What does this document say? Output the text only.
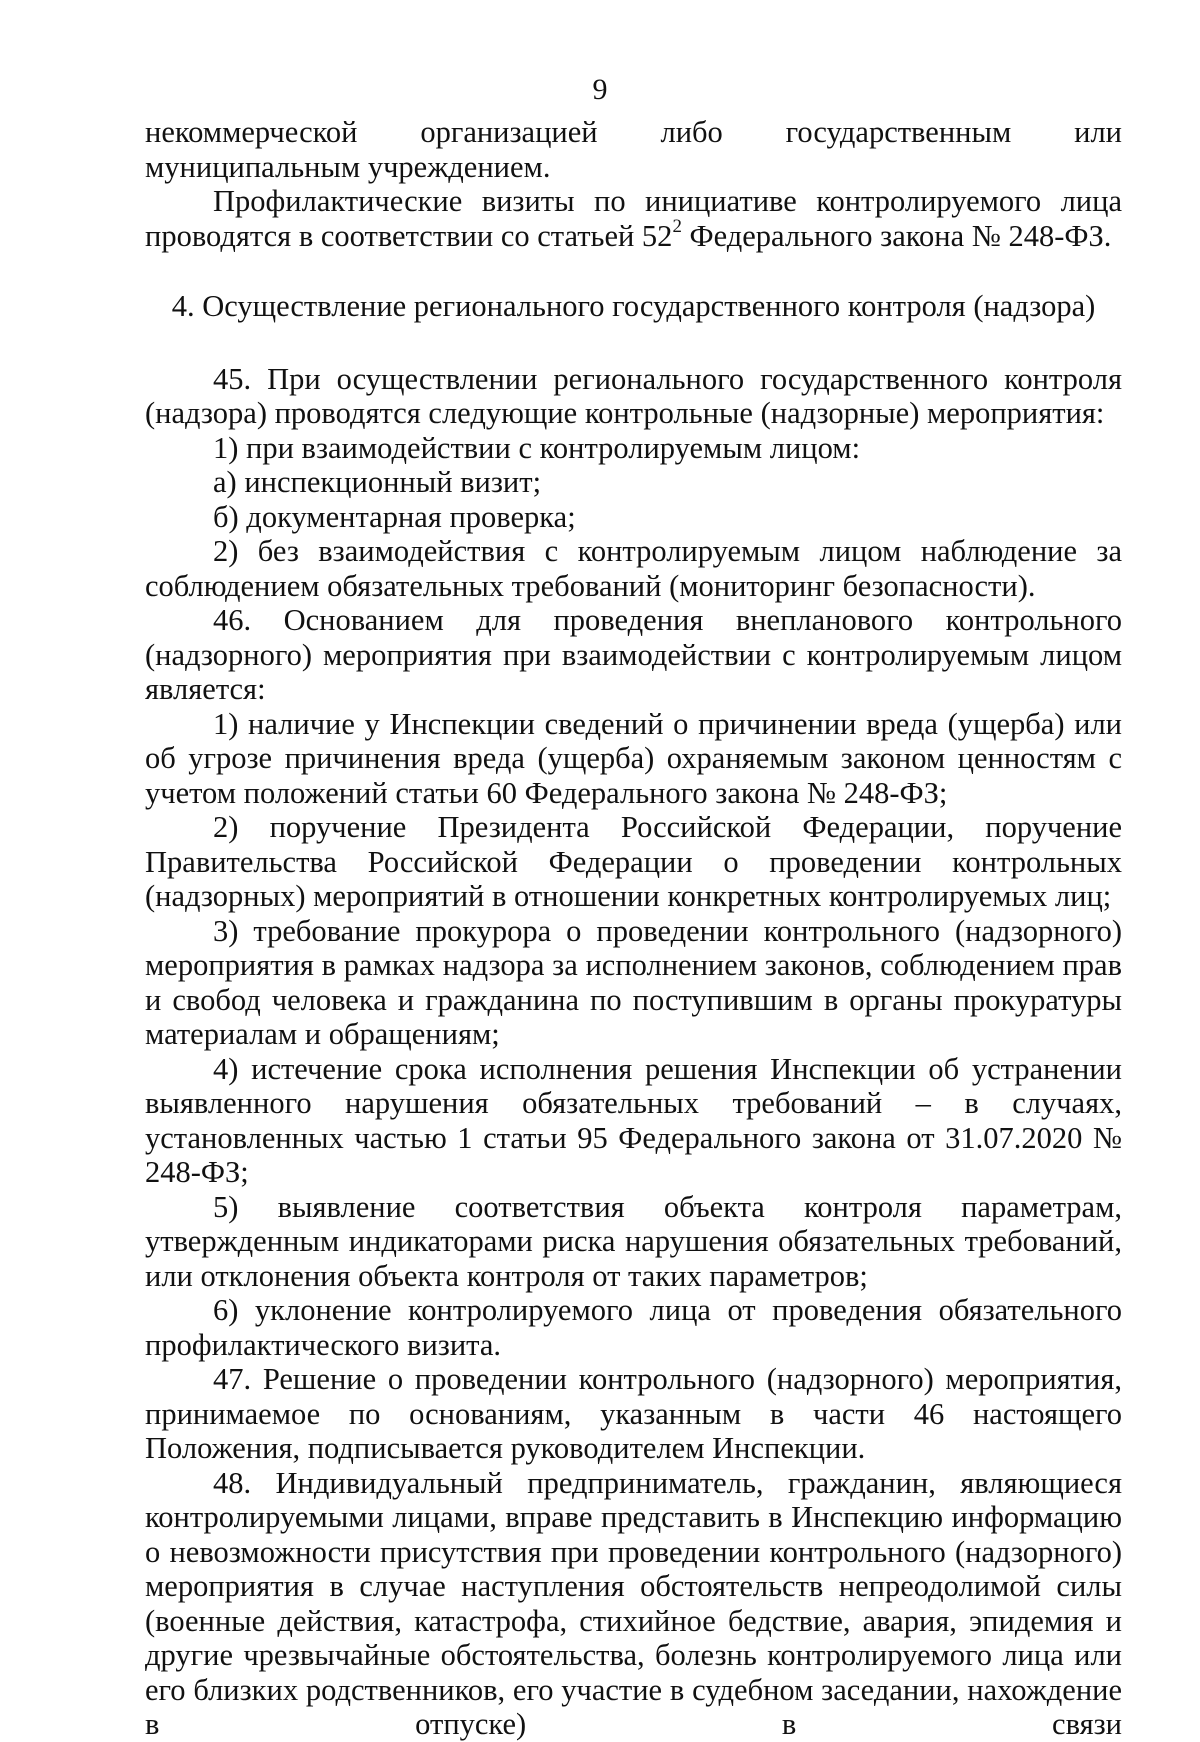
9

некоммерческой организацией либо государственным или муниципальным учреждением.

Профилактические визиты по инициативе контролируемого лица проводятся в соответствии со статьей $52^2$ Федерального закона № 248-ФЗ.

4. Осуществление регионального государственного контроля (надзора)

45. При осуществлении регионального государственного контроля (надзора) проводятся следующие контрольные (надзорные) мероприятия:

1) при взаимодействии с контролируемым лицом:

а) инспекционный визит;

б) документарная проверка;

2) без взаимодействия с контролируемым лицом наблюдение за соблюдением обязательных требований (мониторинг безопасности).

46. Основанием для проведения внепланового контрольного (надзорного) мероприятия при взаимодействии с контролируемым лицом является:

1) наличие у Инспекции сведений о причинении вреда (ущерба) или об угрозе причинения вреда (ущерба) охраняемым законом ценностям с учетом положений статьи 60 Федерального закона № 248-ФЗ;

2) поручение Президента Российской Федерации, поручение Правительства Российской Федерации о проведении контрольных (надзорных) мероприятий в отношении конкретных контролируемых лиц;

3) требование прокурора о проведении контрольного (надзорного) мероприятия в рамках надзора за исполнением законов, соблюдением прав и свобод человека и гражданина по поступившим в органы прокуратуры материалам и обращениям;

4) истечение срока исполнения решения Инспекции об устранении выявленного нарушения обязательных требований – в случаях, установленных частью 1 статьи 95 Федерального закона от 31.07.2020 № 248-ФЗ;

5) выявление соответствия объекта контроля параметрам, утвержденным индикаторами риска нарушения обязательных требований, или отклонения объекта контроля от таких параметров;

6) уклонение контролируемого лица от проведения обязательного профилактического визита.

47. Решение о проведении контрольного (надзорного) мероприятия, принимаемое по основаниям, указанным в части 46 настоящего Положения, подписывается руководителем Инспекции.

48. Индивидуальный предприниматель, гражданин, являющиеся контролируемыми лицами, вправе представить в Инспекцию информацию о невозможности присутствия при проведении контрольного (надзорного) мероприятия в случае наступления обстоятельств непреодолимой силы (военные действия, катастрофа, стихийное бедствие, авария, эпидемия и другие чрезвычайные обстоятельства, болезнь контролируемого лица или его близких родственников, его участие в судебном заседании, нахождение в отпуске) в связи
